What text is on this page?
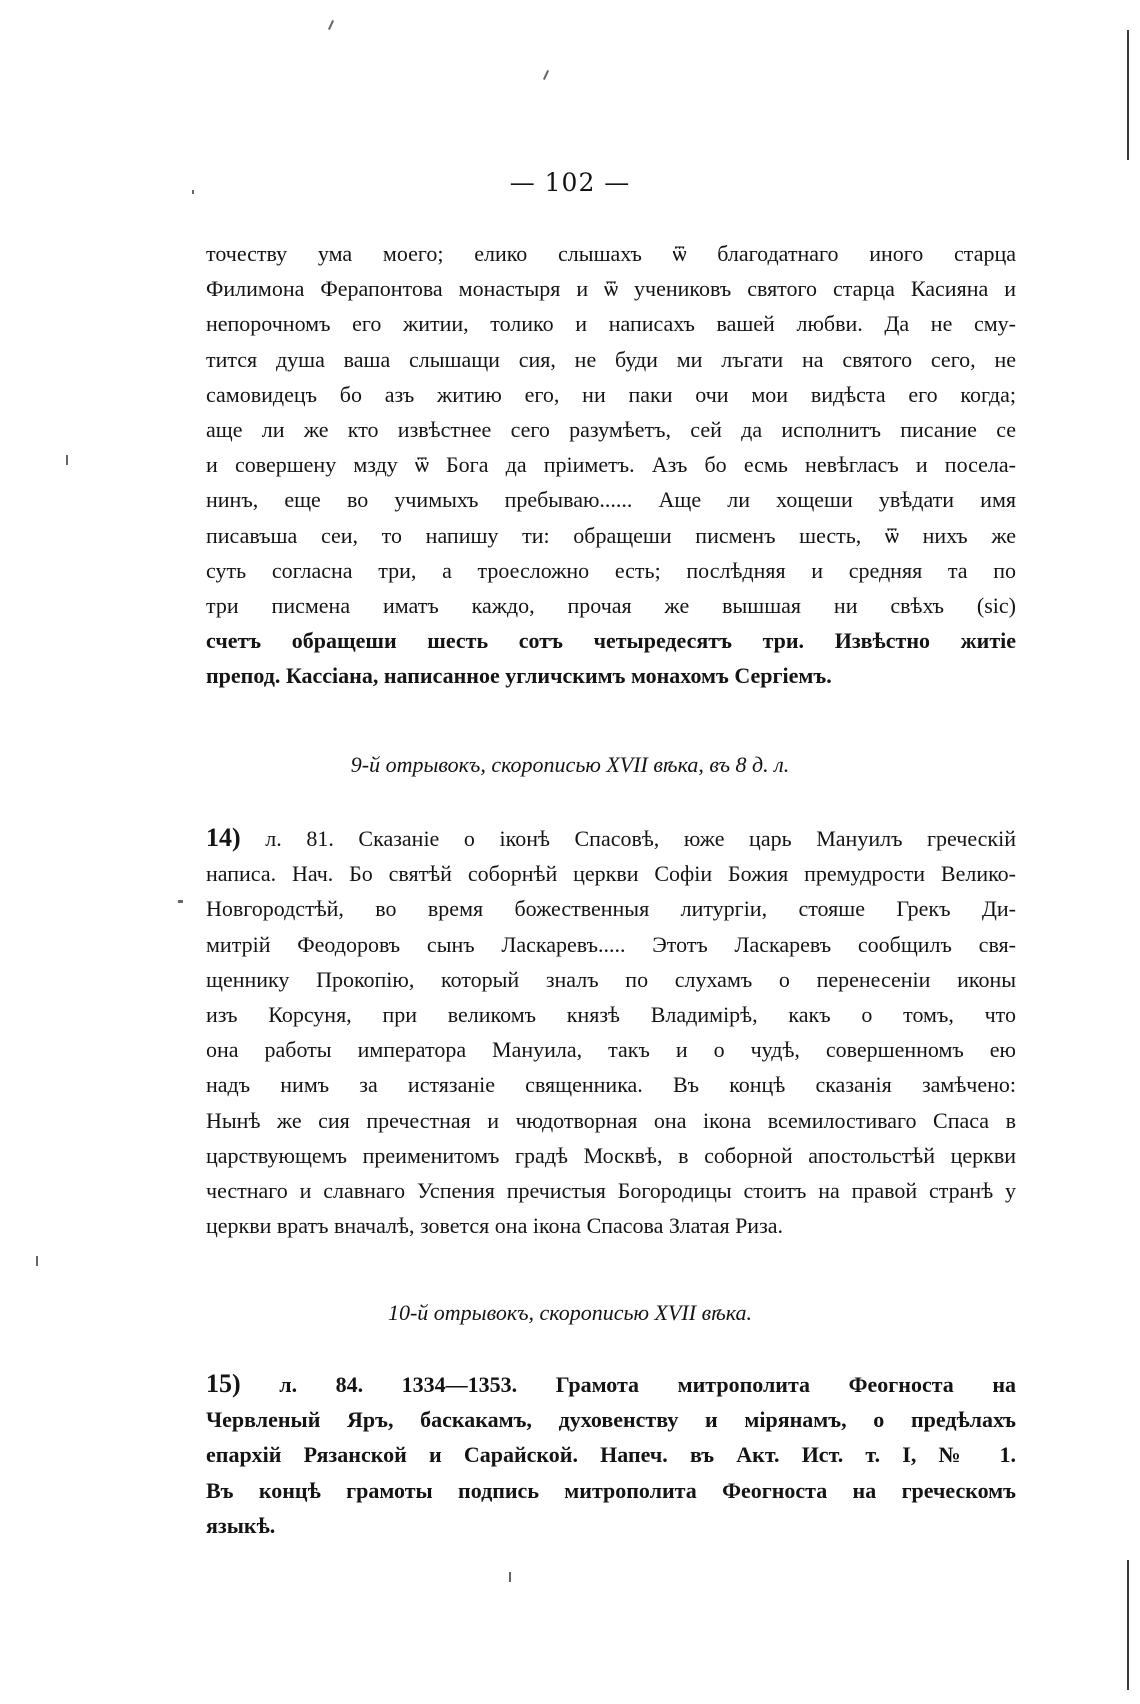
— 102 —
точеству ума моего; елико слышахъ ѿ благодатнаго иного старца
Филимона Ферапонтова монастыря и ѿ учениковъ святого старца Касияна и
непорочномъ его житии, толико и написахъ вашей любви. Да не сму-
тится душа ваша слышащи сия, не буди ми лъгати на святого сего, не
самовидецъ бо азъ житию его, ни паки очи мои видѣста его когда;
аще ли же кто извѣстнее сего разумѣетъ, сей да исполнитъ писание се
и совершену мзду ѿ Бога да прiиметъ. Азъ бо есмь невѣгласъ и посела-
нинъ, еще во учимыхъ пребываю...... Аще ли хощеши увѣдати имя
писавъша сеи, то напишу ти: обращеши писменъ шесть, ѿ нихъ же
суть согласна три, а троесложно есть; послѣдняя и средняя та по
три писмена иматъ каждо, прочая же вышшая ни свѣхъ (sic)
счетъ обращеши шесть сотъ четыредесятъ три. Извѣстно житiе
препод. Кассiана, написанное угличскимъ монахомъ Сергiемъ.
9-й отрывокъ, скорописью XVII вѣка, въ 8 д. л.
14) л. 81. Сказанiе о iконѣ Спасовѣ, юже царь Мануилъ греческiй
написа. Нач. Бо святѣй соборнѣй церкви Софiи Божия премудрости Велико-
Новгородстѣй, во время божественныя литургiи, стояше Грекъ Ди-
митрiй Феодоровъ сынъ Ласкаревъ..... Этотъ Ласкаревъ сообщилъ свя-
щеннику Прокопiю, который зналъ по слухамъ о перенесенiи иконы
изъ Корсуня, при великомъ князѣ Владимiрѣ, какъ о томъ, что
она работы императора Мануила, такъ и о чудѣ, совершенномъ ею
надъ нимъ за истязанiе священника. Въ концѣ сказанiя замѣчено:
Нынѣ же сия пречестная и чюдотворная она iкона всемилостиваго Спаса в
царствующемъ преименитомъ градѣ Москвѣ, в соборной апостольстѣй церкви
честнаго и славнаго Успения пречистыя Богородицы стоитъ на правой странѣ у
церкви вратъ вначалѣ, зовется она iкона Спасова Златая Риза.
10-й отрывокъ, скорописью XVII вѣка.
15) л. 84. 1334—1353. Грамота митрополита Феогноста на
Червленый Яръ, баскакамъ, духовенству и мiрянамъ, о предѣлахъ
епархiй Рязанской и Сарайской. Напеч. въ Акт. Ист. т. I, № 1.
Въ концѣ грамоты подпись митрополита Феогноста на греческомъ
языкѣ.
